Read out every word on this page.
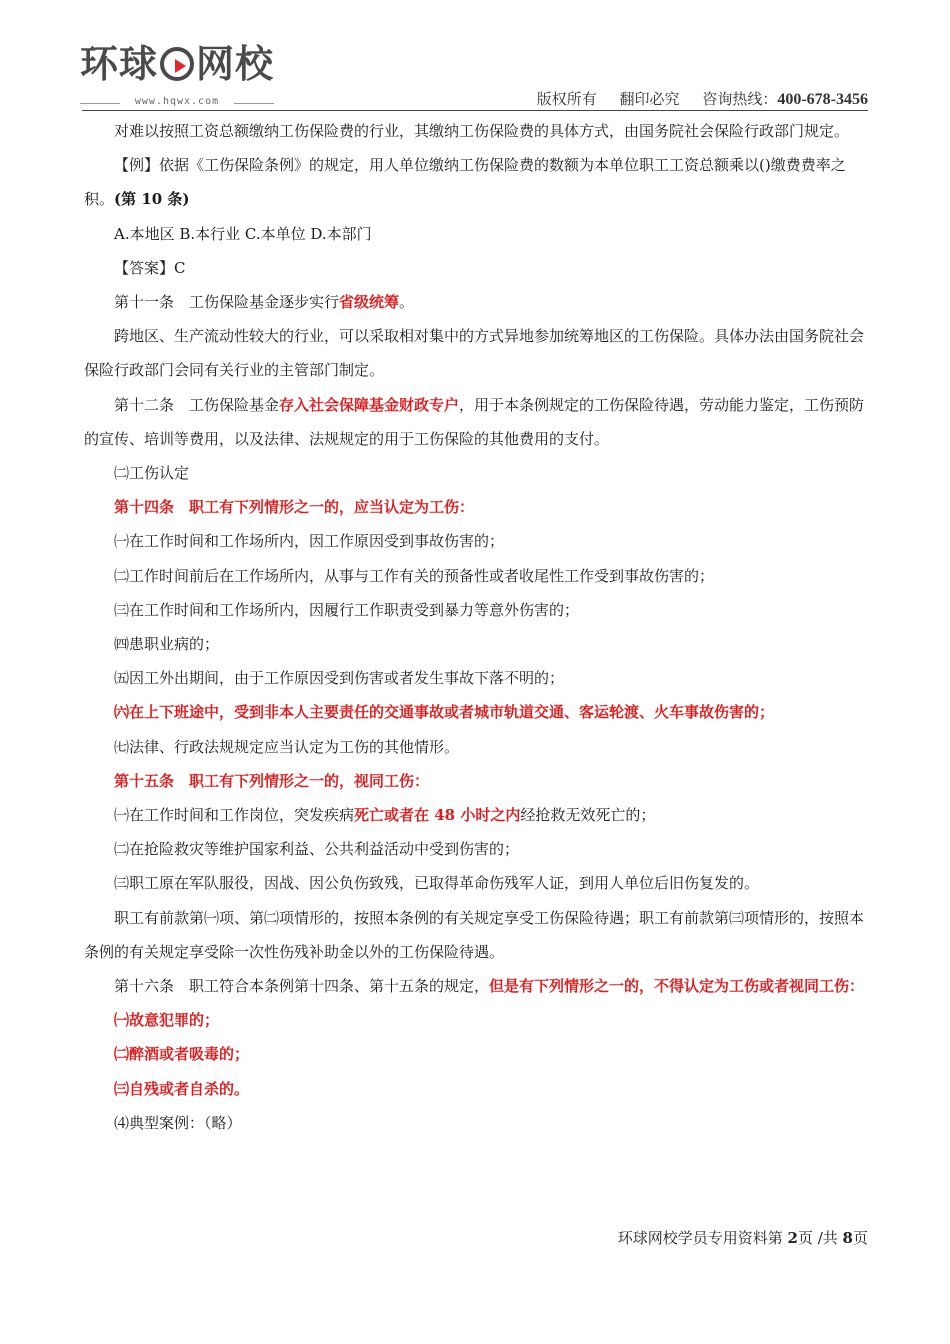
环球 网校
www.hqwx.com	版权所有 翻印必究 咨询热线：400-678-3456

对难以按照工资总额缴纳工伤保险费的行业，其缴纳工伤保险费的具体方式，由国务院社会保险行政部门规定。

【例】依据《工伤保险条例》的规定，用人单位缴纳工伤保险费的数额为本单位职工工资总额乘以()缴费费率之积。(第 10 条)

A.本地区 B.本行业 C.本单位 D.本部门

【答案】C

第十一条　工伤保险基金逐步实行省级统筹。

跨地区、生产流动性较大的行业，可以采取相对集中的方式异地参加统筹地区的工伤保险。具体办法由国务院社会保险行政部门会同有关行业的主管部门制定。

第十二条　工伤保险基金存入社会保障基金财政专户，用于本条例规定的工伤保险待遇，劳动能力鉴定，工伤预防的宣传、培训等费用，以及法律、法规规定的用于工伤保险的其他费用的支付。

㈡工伤认定

第十四条　职工有下列情形之一的，应当认定为工伤：

㈠在工作时间和工作场所内，因工作原因受到事故伤害的；

㈡工作时间前后在工作场所内，从事与工作有关的预备性或者收尾性工作受到事故伤害的；

㈢在工作时间和工作场所内，因履行工作职责受到暴力等意外伤害的；

㈣患职业病的；

㈤因工外出期间，由于工作原因受到伤害或者发生事故下落不明的；

㈥在上下班途中，受到非本人主要责任的交通事故或者城市轨道交通、客运轮渡、火车事故伤害的；

㈦法律、行政法规规定应当认定为工伤的其他情形。

第十五条　职工有下列情形之一的，视同工伤：

㈠在工作时间和工作岗位，突发疾病死亡或者在 48 小时之内经抢救无效死亡的；

㈡在抢险救灾等维护国家利益、公共利益活动中受到伤害的；

㈢职工原在军队服役，因战、因公负伤致残，已取得革命伤残军人证，到用人单位后旧伤复发的。

职工有前款第㈠项、第㈡项情形的，按照本条例的有关规定享受工伤保险待遇；职工有前款第㈢项情形的，按照本条例的有关规定享受除一次性伤残补助金以外的工伤保险待遇。

第十六条　职工符合本条例第十四条、第十五条的规定，但是有下列情形之一的，不得认定为工伤或者视同工伤：

㈠故意犯罪的；

㈡醉酒或者吸毒的；

㈢自残或者自杀的。

⑷典型案例：（略）

环球网校学员专用资料第 2页 /共 8页
